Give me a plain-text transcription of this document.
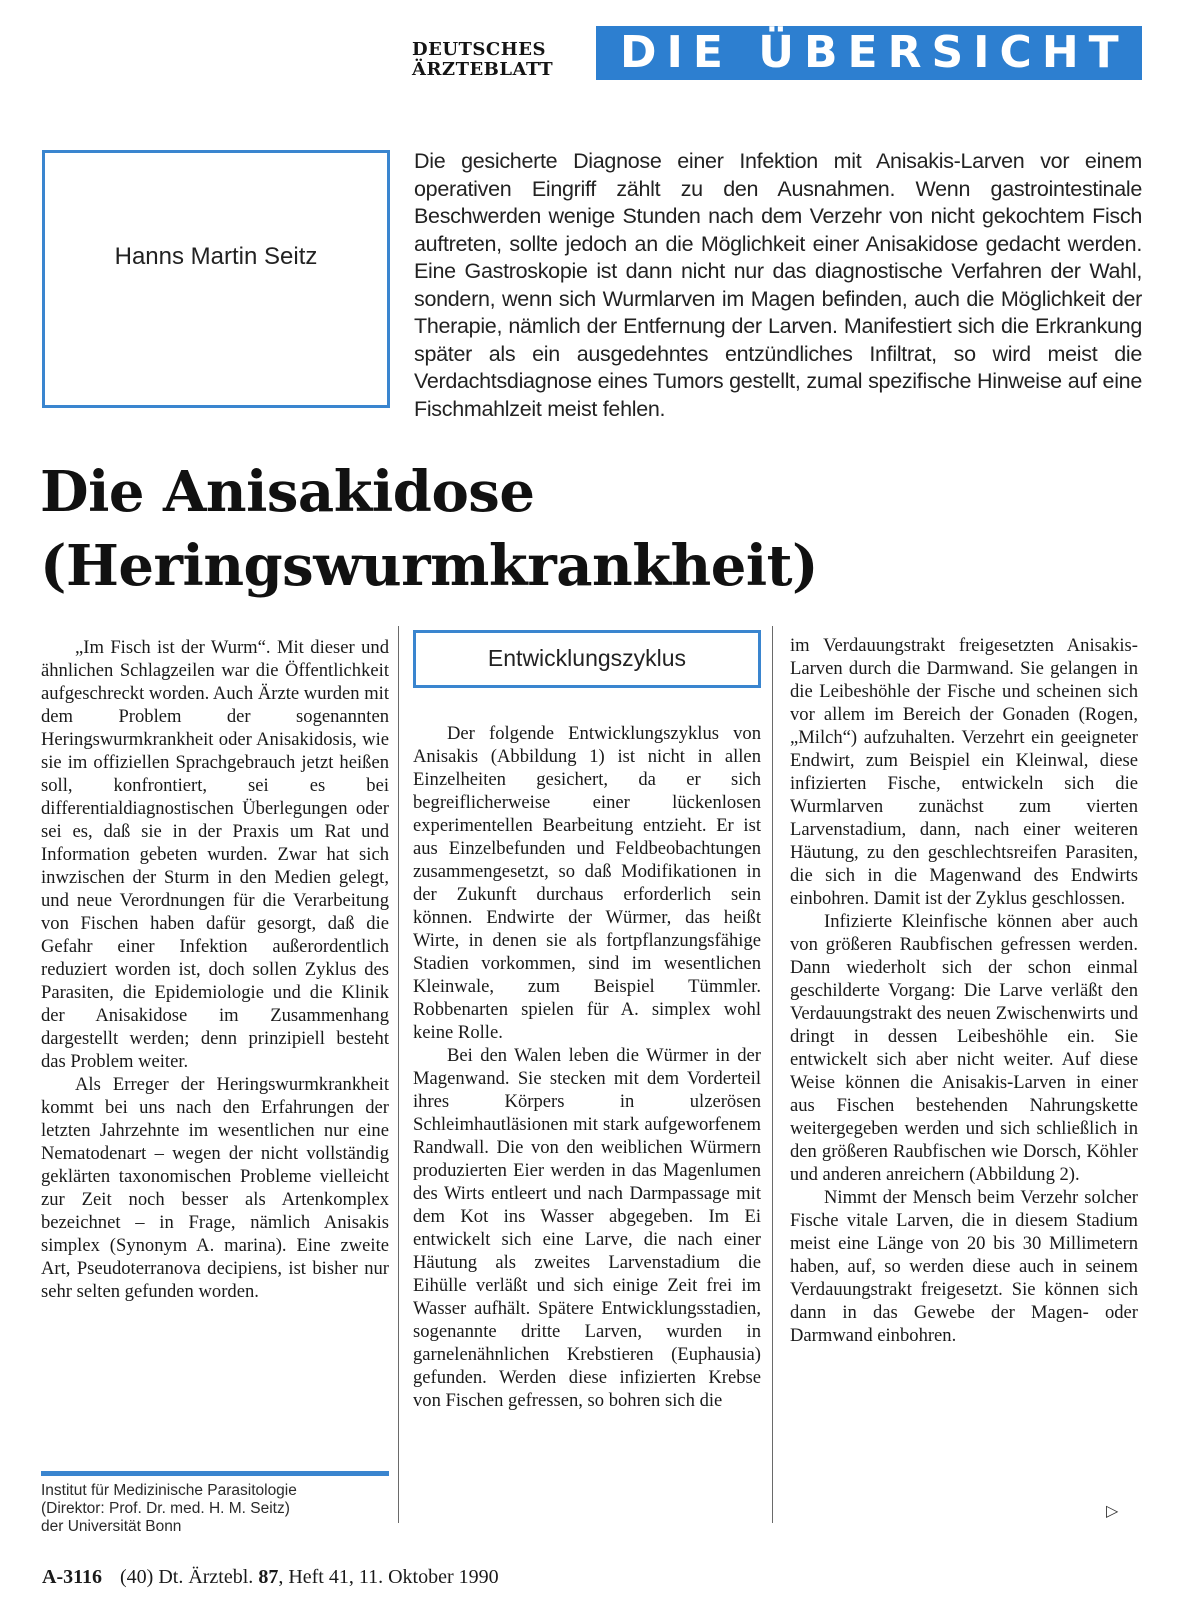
DEUTSCHES
ÄRZTEBLATT	DIE ÜBERSICHT
Hanns Martin Seitz
Die gesicherte Diagnose einer Infektion mit Anisakis-Larven vor einem operativen Eingriff zählt zu den Ausnahmen. Wenn gastrointestinale Beschwerden wenige Stunden nach dem Verzehr von nicht gekochtem Fisch auftreten, sollte jedoch an die Möglichkeit einer Anisakidose gedacht werden. Eine Gastroskopie ist dann nicht nur das diagnostische Verfahren der Wahl, sondern, wenn sich Wurmlarven im Magen befinden, auch die Möglichkeit der Therapie, nämlich der Entfernung der Larven. Manifestiert sich die Erkrankung später als ein ausgedehntes entzündliches Infiltrat, so wird meist die Verdachtsdiagnose eines Tumors gestellt, zumal spezifische Hinweise auf eine Fischmahlzeit meist fehlen.
Die Anisakidose
(Heringswurmkrankheit)

„Im Fisch ist der Wurm“. Mit dieser und ähnlichen Schlagzeilen war die Öffentlichkeit aufgeschreckt worden. Auch Ärzte wurden mit dem Problem der sogenannten Heringswurmkrankheit oder Anisakidosis, wie sie im offiziellen Sprachgebrauch jetzt heißen soll, konfrontiert, sei es bei differentialdiagnostischen Überlegungen oder sei es, daß sie in der Praxis um Rat und Information gebeten wurden. Zwar hat sich inwzischen der Sturm in den Medien gelegt, und neue Verordnungen für die Verarbeitung von Fischen haben dafür gesorgt, daß die Gefahr einer Infektion außerordentlich reduziert worden ist, doch sollen Zyklus des Parasiten, die Epidemiologie und die Klinik der Anisakidose im Zusammenhang dargestellt werden; denn prinzipiell besteht das Problem weiter.

Als Erreger der Heringswurmkrankheit kommt bei uns nach den Erfahrungen der letzten Jahrzehnte im wesentlichen nur eine Nematodenart – wegen der nicht vollständig geklärten taxonomischen Probleme vielleicht zur Zeit noch besser als Artenkomplex bezeichnet – in Frage, nämlich Anisakis simplex (Synonym A. marina). Eine zweite Art, Pseudoterranova decipiens, ist bisher nur sehr selten gefunden worden.

Entwicklungszyklus

Der folgende Entwicklungszyklus von Anisakis (Abbildung 1) ist nicht in allen Einzelheiten gesichert, da er sich begreiflicherweise einer lückenlosen experimentellen Bearbeitung entzieht. Er ist aus Einzelbefunden und Feldbeobachtungen zusammengesetzt, so daß Modifikationen in der Zukunft durchaus erforderlich sein können. Endwirte der Würmer, das heißt Wirte, in denen sie als fortpflanzungsfähige Stadien vorkommen, sind im wesentlichen Kleinwale, zum Beispiel Tümmler. Robbenarten spielen für A. simplex wohl keine Rolle.

Bei den Walen leben die Würmer in der Magenwand. Sie stecken mit dem Vorderteil ihres Körpers in ulzerösen Schleimhautläsionen mit stark aufgeworfenem Randwall. Die von den weiblichen Würmern produzierten Eier werden in das Magenlumen des Wirts entleert und nach Darmpassage mit dem Kot ins Wasser abgegeben. Im Ei entwickelt sich eine Larve, die nach einer Häutung als zweites Larvenstadium die Eihülle verläßt und sich einige Zeit frei im Wasser aufhält. Spätere Entwicklungsstadien, sogenannte dritte Larven, wurden in garnelenähnlichen Krebstieren (Euphausia) gefunden. Werden diese infizierten Krebse von Fischen gefressen, so bohren sich die

im Verdauungstrakt freigesetzten Anisakis-Larven durch die Darmwand. Sie gelangen in die Leibeshöhle der Fische und scheinen sich vor allem im Bereich der Gonaden (Rogen, „Milch“) aufzuhalten. Verzehrt ein geeigneter Endwirt, zum Beispiel ein Kleinwal, diese infizierten Fische, entwickeln sich die Wurmlarven zunächst zum vierten Larvenstadium, dann, nach einer weiteren Häutung, zu den geschlechtsreifen Parasiten, die sich in die Magenwand des Endwirts einbohren. Damit ist der Zyklus geschlossen.

Infizierte Kleinfische können aber auch von größeren Raubfischen gefressen werden. Dann wiederholt sich der schon einmal geschilderte Vorgang: Die Larve verläßt den Verdauungstrakt des neuen Zwischenwirts und dringt in dessen Leibeshöhle ein. Sie entwickelt sich aber nicht weiter. Auf diese Weise können die Anisakis-Larven in einer aus Fischen bestehenden Nahrungskette weitergegeben werden und sich schließlich in den größeren Raubfischen wie Dorsch, Köhler und anderen anreichern (Abbildung 2).

Nimmt der Mensch beim Verzehr solcher Fische vitale Larven, die in diesem Stadium meist eine Länge von 20 bis 30 Millimetern haben, auf, so werden diese auch in seinem Verdauungstrakt freigesetzt. Sie können sich dann in das Gewebe der Magen- oder Darmwand einbohren.

Institut für Medizinische Parasitologie
(Direktor: Prof. Dr. med. H. M. Seitz)
der Universität Bonn
▷
A-3116 (40) Dt. Ärztebl. 87, Heft 41, 11. Oktober 1990
